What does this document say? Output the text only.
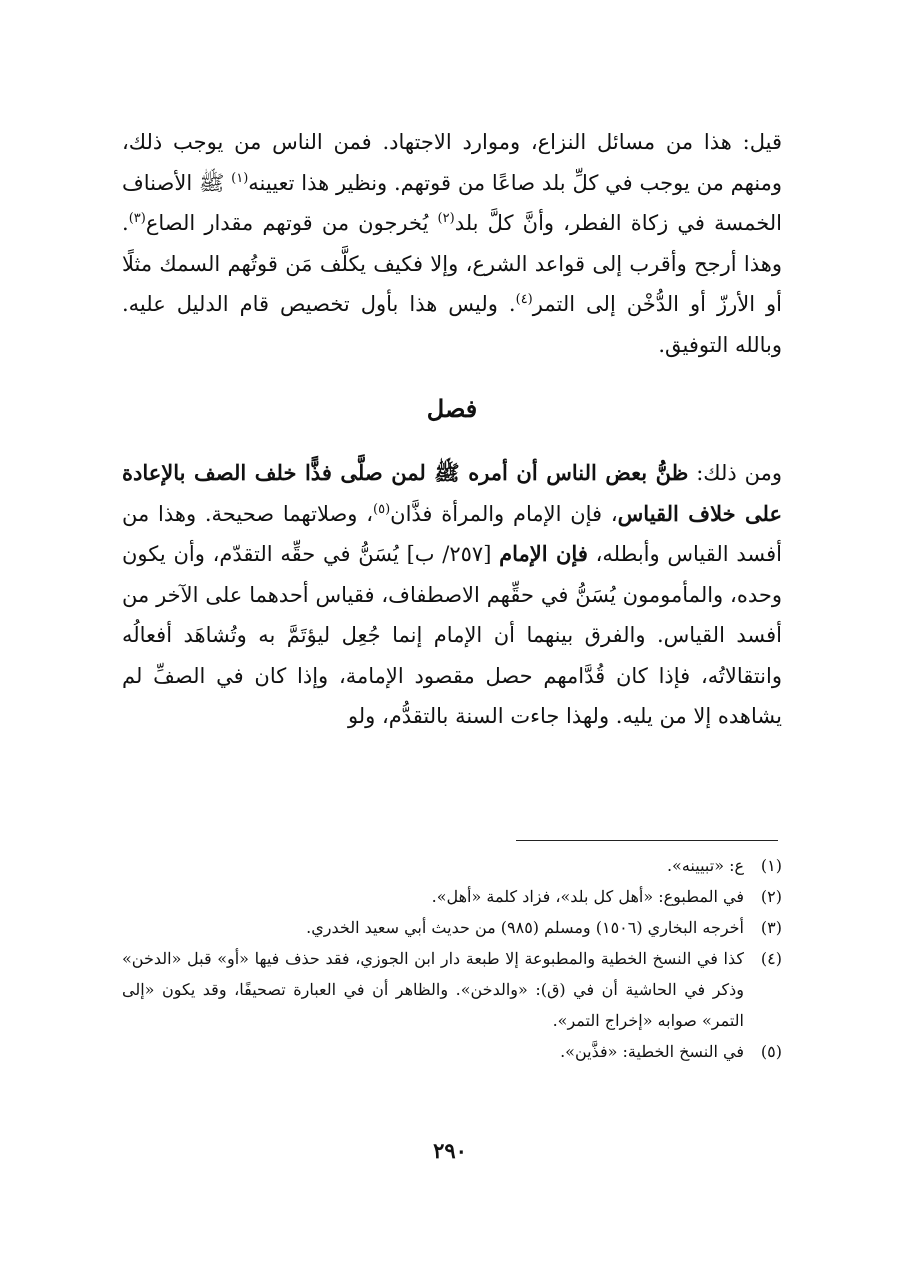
قيل: هذا من مسائل النزاع، وموارد الاجتهاد. فمن الناس من يوجب ذلك، ومنهم من يوجب في كلِّ بلد صاعًا من قوتهم. ونظير هذا تعيينه$^{(١)}$ ﷺ الأصناف الخمسة في زكاة الفطر، وأنَّ كلَّ بلد$^{(٢)}$ يُخرجون من قوتهم مقدار الصاع$^{(٣)}$. وهذا أرجح وأقرب إلى قواعد الشرع، وإلا فكيف يكلَّف مَن قوتُهم السمك مثلًا أو الأرزّ أو الدُّخْن إلى التمر$^{(٤)}$. وليس هذا بأول تخصيص قام الدليل عليه. وبالله التوفيق.

فصل

ومن ذلك: ظنُّ بعض الناس أن أمره ﷺ لمن صلَّى فذًّا خلف الصف بالإعادة على خلاف القياس، فإن الإمام والمرأة فذَّان$^{(٥)}$، وصلاتهما صحيحة. وهذا من أفسد القياس وأبطله، فإن الإمام [٢٥٧/ ب] يُسَنُّ في حقِّه التقدّم، وأن يكون وحده، والمأمومون يُسَنُّ في حقِّهم الاصطفاف، فقياس أحدهما على الآخر من أفسد القياس. والفرق بينهما أن الإمام إنما جُعِل ليؤتَمَّ به وتُشاهَد أفعالُه وانتقالاتُه، فإذا كان قُدَّامهم حصل مقصود الإمامة، وإذا كان في الصفِّ لم يشاهده إلا من يليه. ولهذا جاءت السنة بالتقدُّم، ولو

(١)
ع: «تبيينه».
(٢)
في المطبوع: «أهل كل بلد»، فزاد كلمة «أهل».
(٣)
أخرجه البخاري (١٥٠٦) ومسلم (٩٨٥) من حديث أبي سعيد الخدري.
(٤)
كذا في النسخ الخطية والمطبوعة إلا طبعة دار ابن الجوزي، فقد حذف فيها «أو» قبل «الدخن» وذكر في الحاشية أن في (ق): «والدخن». والظاهر أن في العبارة تصحيفًا، وقد يكون «إلى التمر» صوابه «إخراج التمر».
(٥)
في النسخ الخطية: «فذَّين».
٢٩٠
